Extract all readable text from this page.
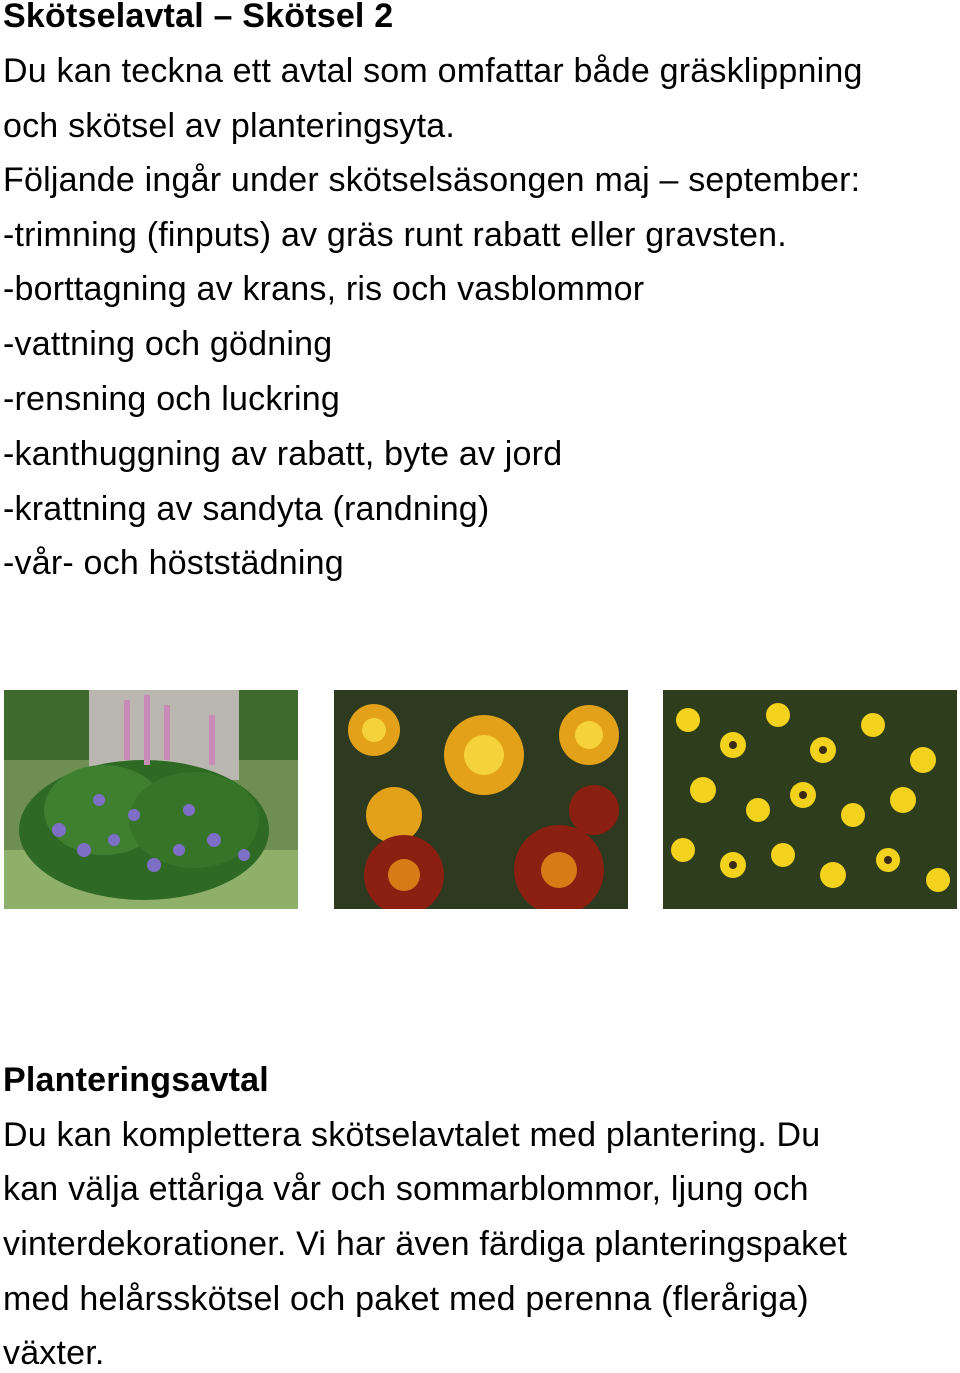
Skötselavtal – Skötsel 2
Du kan teckna ett avtal som omfattar både gräsklippning
och skötsel av planteringsyta.
Följande ingår under skötselsäsongen maj – september:
-trimning (finputs) av gräs runt rabatt eller gravsten.
-borttagning av krans, ris och vasblommor
-vattning och gödning
-rensning och luckring
-kanthuggning av rabatt, byte av jord
-krattning av sandyta (randning)
-vår- och höststädning
Planteringsavtal
Du kan komplettera skötselavtalet med plantering. Du
kan välja ettåriga vår och sommarblommor, ljung och
vinterdekorationer. Vi har även färdiga planteringspaket
med helårsskötsel och paket med perenna (fleråriga)
växter.
